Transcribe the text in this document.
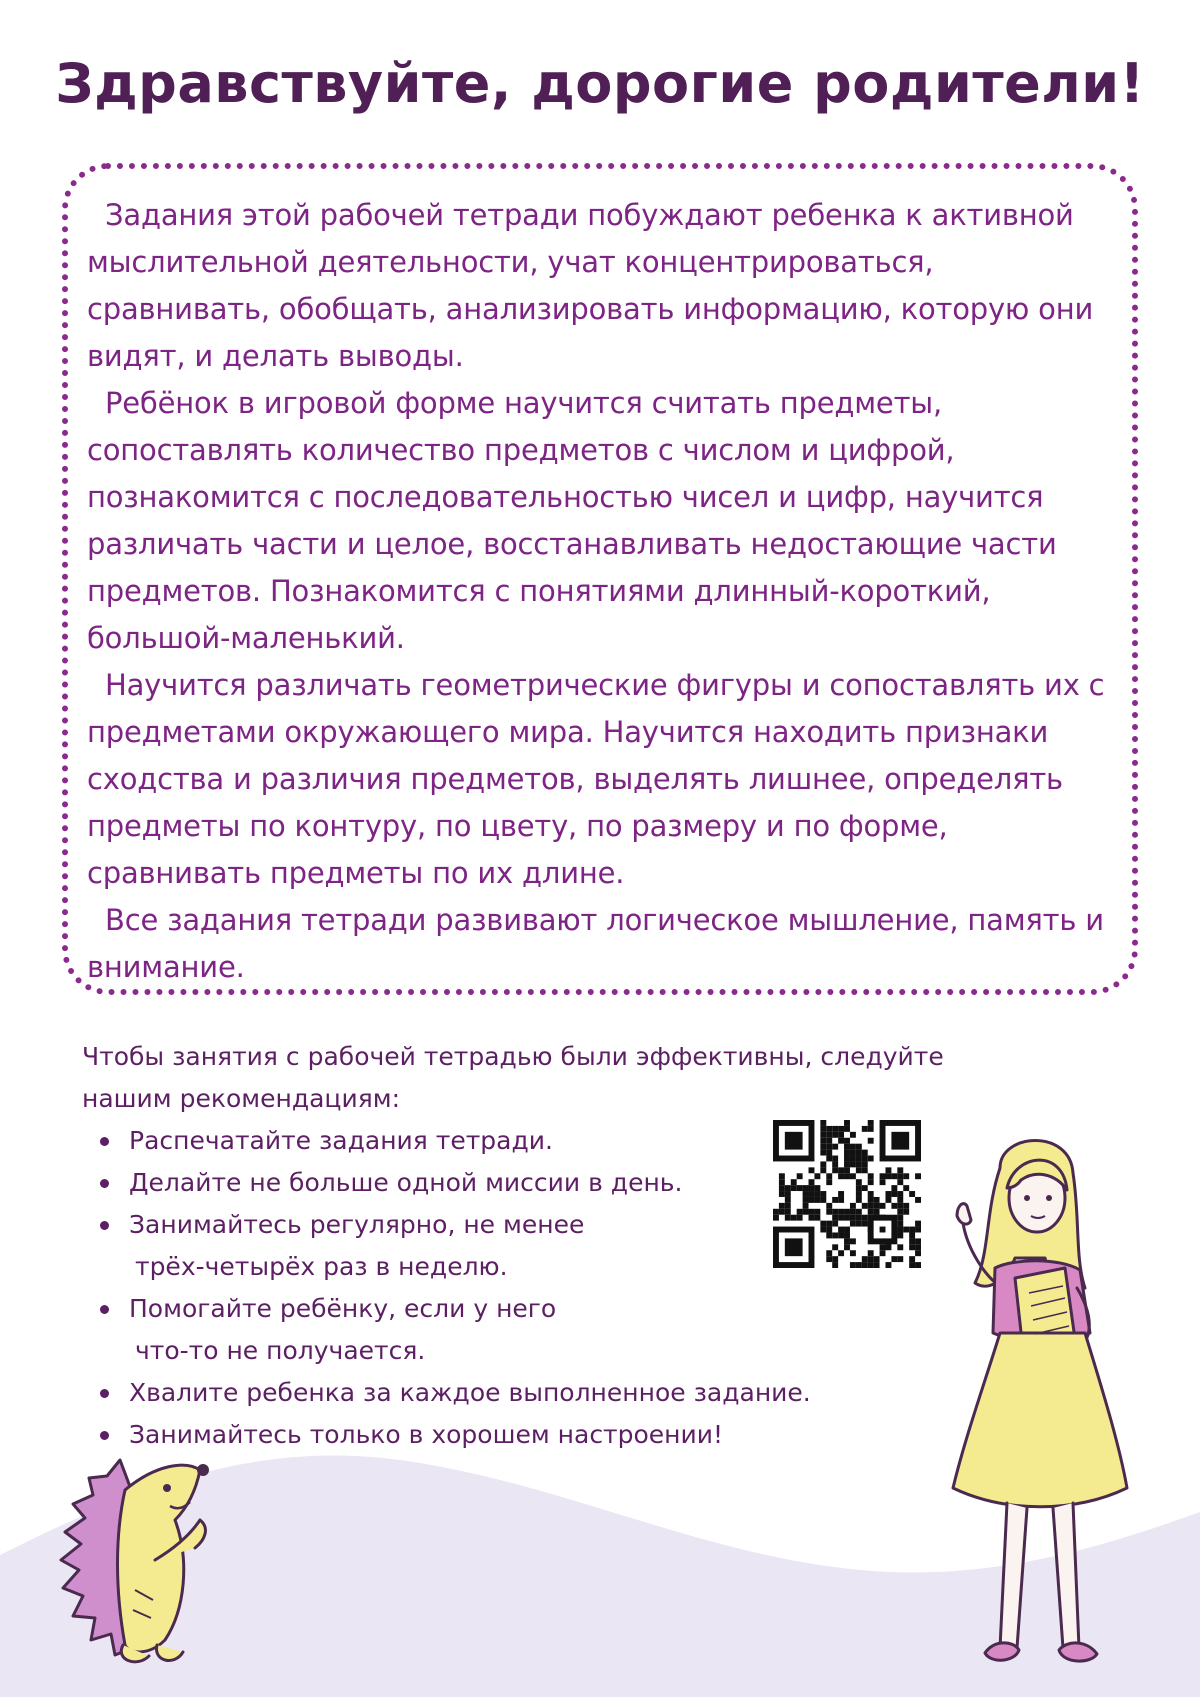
Здравствуйте, дорогие родители!

Задания этой рабочей тетради побуждают ребенка к активной мыслительной деятельности, учат концентрироваться, сравнивать, обобщать, анализировать информацию, которую они видят, и делать выводы.

Ребёнок в игровой форме научится считать предметы, сопоставлять количество предметов с числом и цифрой, познакомится с последовательностью чисел и цифр, научится различать части и целое, восстанавливать недостающие части предметов. Познакомится с понятиями длинный-короткий, большой-маленький.

Научится различать геометрические фигуры и сопоставлять их с предметами окружающего мира. Научится находить признаки сходства и различия предметов, выделять лишнее, определять предметы по контуру, по цвету, по размеру и по форме, сравнивать предметы по их длине.

Все задания тетради развивают логическое мышление, память и внимание.

Чтобы занятия с рабочей тетрадью были эффективны, следуйте
нашим рекомендациям:

Распечатайте задания тетради.
Делайте не больше одной миссии в день.
Занимайтесь регулярно, не менее
трёх-четырёх раз в неделю.
Помогайте ребёнку, если у него
что-то не получается.
Хвалите ребенка за каждое выполненное задание.
Занимайтесь только в хорошем настроении!
